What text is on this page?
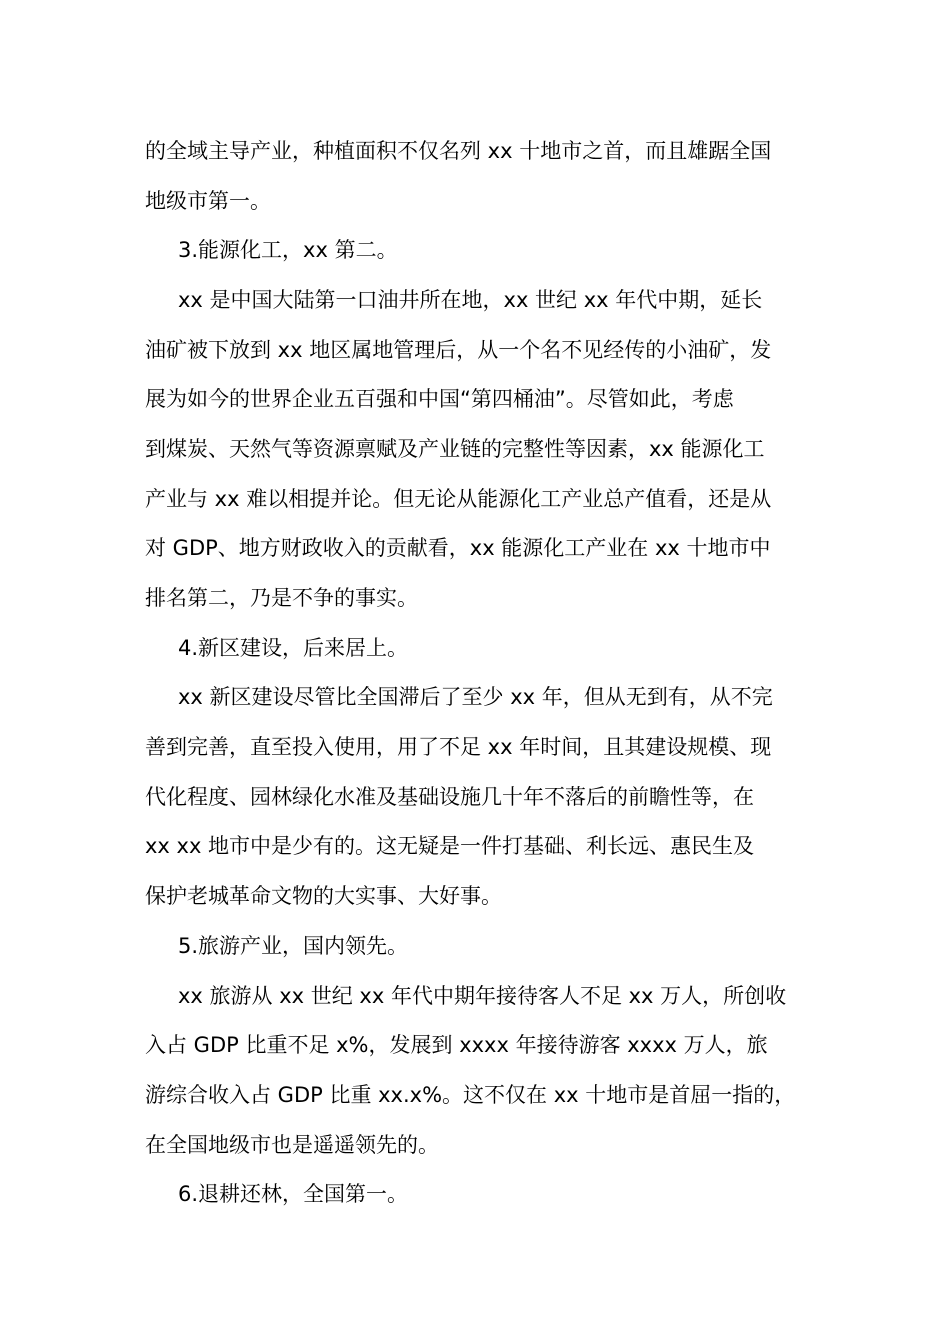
的全域主导产业，种植面积不仅名列 xx 十地市之首，而且雄踞全国
地级市第一。
3.能源化工，xx 第二。
xx 是中国大陆第一口油井所在地，xx 世纪 xx 年代中期，延长
油矿被下放到 xx 地区属地管理后，从一个名不见经传的小油矿，发
展为如今的世界企业五百强和中国“第四桶油”。尽管如此，考虑
到煤炭、天然气等资源禀赋及产业链的完整性等因素，xx 能源化工
产业与 xx 难以相提并论。但无论从能源化工产业总产值看，还是从
对 GDP、地方财政收入的贡献看，xx 能源化工产业在 xx 十地市中
排名第二，乃是不争的事实。
4.新区建设，后来居上。
xx 新区建设尽管比全国滞后了至少 xx 年，但从无到有，从不完
善到完善，直至投入使用，用了不足 xx 年时间，且其建设规模、现
代化程度、园林绿化水准及基础设施几十年不落后的前瞻性等，在
xx xx 地市中是少有的。这无疑是一件打基础、利长远、惠民生及
保护老城革命文物的大实事、大好事。
5.旅游产业，国内领先。
xx 旅游从 xx 世纪 xx 年代中期年接待客人不足 xx 万人，所创收
入占 GDP 比重不足 x%，发展到 xxxx 年接待游客 xxxx 万人，旅
游综合收入占 GDP 比重 xx.x%。这不仅在 xx 十地市是首屈一指的，
在全国地级市也是遥遥领先的。
6.退耕还林，全国第一。
